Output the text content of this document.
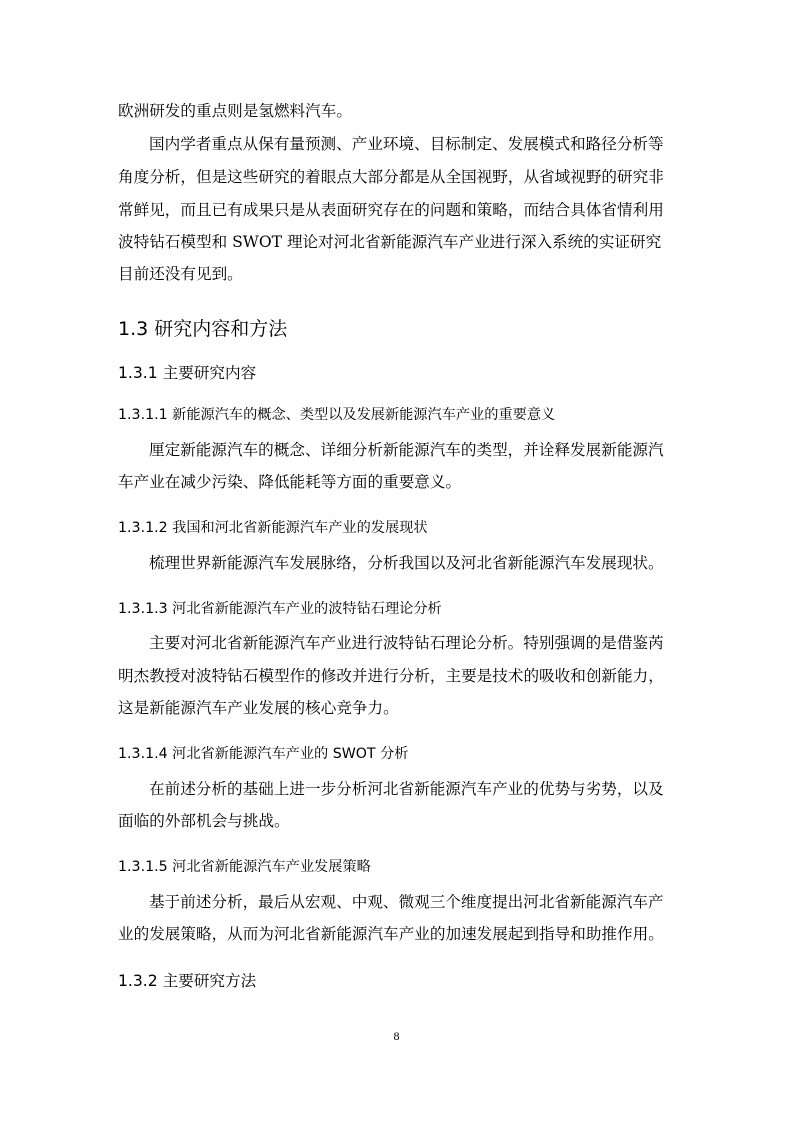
欧洲研发的重点则是氢燃料汽车。
国内学者重点从保有量预测、产业环境、目标制定、发展模式和路径分析等
角度分析，但是这些研究的着眼点大部分都是从全国视野，从省域视野的研究非
常鲜见，而且已有成果只是从表面研究存在的问题和策略，而结合具体省情利用
波特钻石模型和 SWOT 理论对河北省新能源汽车产业进行深入系统的实证研究
目前还没有见到。
1.3 研究内容和方法
1.3.1 主要研究内容
1.3.1.1 新能源汽车的概念、类型以及发展新能源汽车产业的重要意义
厘定新能源汽车的概念、详细分析新能源汽车的类型，并诠释发展新能源汽
车产业在减少污染、降低能耗等方面的重要意义。
1.3.1.2 我国和河北省新能源汽车产业的发展现状
梳理世界新能源汽车发展脉络，分析我国以及河北省新能源汽车发展现状。
1.3.1.3 河北省新能源汽车产业的波特钻石理论分析
主要对河北省新能源汽车产业进行波特钻石理论分析。特别强调的是借鉴芮
明杰教授对波特钻石模型作的修改并进行分析，主要是技术的吸收和创新能力，
这是新能源汽车产业发展的核心竞争力。
1.3.1.4 河北省新能源汽车产业的 SWOT 分析
在前述分析的基础上进一步分析河北省新能源汽车产业的优势与劣势，以及
面临的外部机会与挑战。
1.3.1.5 河北省新能源汽车产业发展策略
基于前述分析，最后从宏观、中观、微观三个维度提出河北省新能源汽车产
业的发展策略，从而为河北省新能源汽车产业的加速发展起到指导和助推作用。
1.3.2 主要研究方法
8
